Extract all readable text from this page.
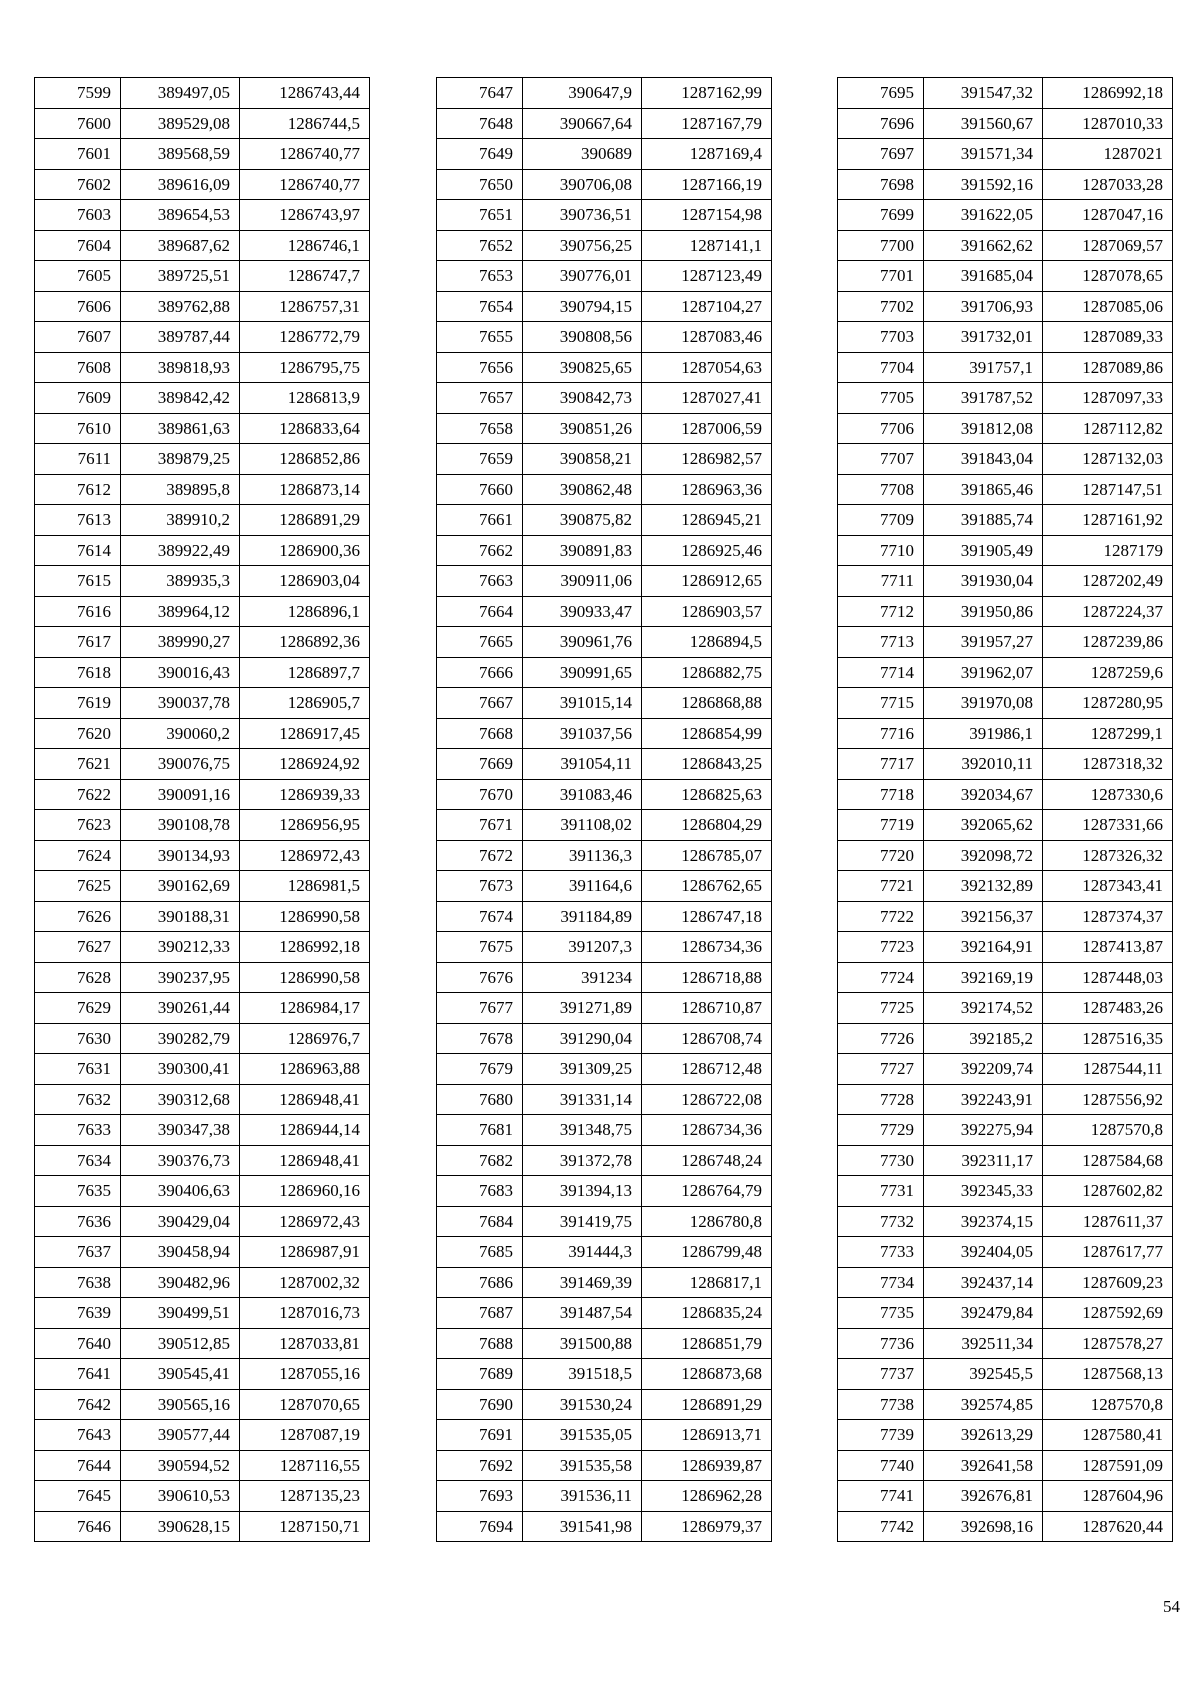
7599	389497,05	1286743,44
7600	389529,08	1286744,5
7601	389568,59	1286740,77
7602	389616,09	1286740,77
7603	389654,53	1286743,97
7604	389687,62	1286746,1
7605	389725,51	1286747,7
7606	389762,88	1286757,31
7607	389787,44	1286772,79
7608	389818,93	1286795,75
7609	389842,42	1286813,9
7610	389861,63	1286833,64
7611	389879,25	1286852,86
7612	389895,8	1286873,14
7613	389910,2	1286891,29
7614	389922,49	1286900,36
7615	389935,3	1286903,04
7616	389964,12	1286896,1
7617	389990,27	1286892,36
7618	390016,43	1286897,7
7619	390037,78	1286905,7
7620	390060,2	1286917,45
7621	390076,75	1286924,92
7622	390091,16	1286939,33
7623	390108,78	1286956,95
7624	390134,93	1286972,43
7625	390162,69	1286981,5
7626	390188,31	1286990,58
7627	390212,33	1286992,18
7628	390237,95	1286990,58
7629	390261,44	1286984,17
7630	390282,79	1286976,7
7631	390300,41	1286963,88
7632	390312,68	1286948,41
7633	390347,38	1286944,14
7634	390376,73	1286948,41
7635	390406,63	1286960,16
7636	390429,04	1286972,43
7637	390458,94	1286987,91
7638	390482,96	1287002,32
7639	390499,51	1287016,73
7640	390512,85	1287033,81
7641	390545,41	1287055,16
7642	390565,16	1287070,65
7643	390577,44	1287087,19
7644	390594,52	1287116,55
7645	390610,53	1287135,23
7646	390628,15	1287150,71
7647	390647,9	1287162,99
7648	390667,64	1287167,79
7649	390689	1287169,4
7650	390706,08	1287166,19
7651	390736,51	1287154,98
7652	390756,25	1287141,1
7653	390776,01	1287123,49
7654	390794,15	1287104,27
7655	390808,56	1287083,46
7656	390825,65	1287054,63
7657	390842,73	1287027,41
7658	390851,26	1287006,59
7659	390858,21	1286982,57
7660	390862,48	1286963,36
7661	390875,82	1286945,21
7662	390891,83	1286925,46
7663	390911,06	1286912,65
7664	390933,47	1286903,57
7665	390961,76	1286894,5
7666	390991,65	1286882,75
7667	391015,14	1286868,88
7668	391037,56	1286854,99
7669	391054,11	1286843,25
7670	391083,46	1286825,63
7671	391108,02	1286804,29
7672	391136,3	1286785,07
7673	391164,6	1286762,65
7674	391184,89	1286747,18
7675	391207,3	1286734,36
7676	391234	1286718,88
7677	391271,89	1286710,87
7678	391290,04	1286708,74
7679	391309,25	1286712,48
7680	391331,14	1286722,08
7681	391348,75	1286734,36
7682	391372,78	1286748,24
7683	391394,13	1286764,79
7684	391419,75	1286780,8
7685	391444,3	1286799,48
7686	391469,39	1286817,1
7687	391487,54	1286835,24
7688	391500,88	1286851,79
7689	391518,5	1286873,68
7690	391530,24	1286891,29
7691	391535,05	1286913,71
7692	391535,58	1286939,87
7693	391536,11	1286962,28
7694	391541,98	1286979,37
7695	391547,32	1286992,18
7696	391560,67	1287010,33
7697	391571,34	1287021
7698	391592,16	1287033,28
7699	391622,05	1287047,16
7700	391662,62	1287069,57
7701	391685,04	1287078,65
7702	391706,93	1287085,06
7703	391732,01	1287089,33
7704	391757,1	1287089,86
7705	391787,52	1287097,33
7706	391812,08	1287112,82
7707	391843,04	1287132,03
7708	391865,46	1287147,51
7709	391885,74	1287161,92
7710	391905,49	1287179
7711	391930,04	1287202,49
7712	391950,86	1287224,37
7713	391957,27	1287239,86
7714	391962,07	1287259,6
7715	391970,08	1287280,95
7716	391986,1	1287299,1
7717	392010,11	1287318,32
7718	392034,67	1287330,6
7719	392065,62	1287331,66
7720	392098,72	1287326,32
7721	392132,89	1287343,41
7722	392156,37	1287374,37
7723	392164,91	1287413,87
7724	392169,19	1287448,03
7725	392174,52	1287483,26
7726	392185,2	1287516,35
7727	392209,74	1287544,11
7728	392243,91	1287556,92
7729	392275,94	1287570,8
7730	392311,17	1287584,68
7731	392345,33	1287602,82
7732	392374,15	1287611,37
7733	392404,05	1287617,77
7734	392437,14	1287609,23
7735	392479,84	1287592,69
7736	392511,34	1287578,27
7737	392545,5	1287568,13
7738	392574,85	1287570,8
7739	392613,29	1287580,41
7740	392641,58	1287591,09
7741	392676,81	1287604,96
7742	392698,16	1287620,44
54
